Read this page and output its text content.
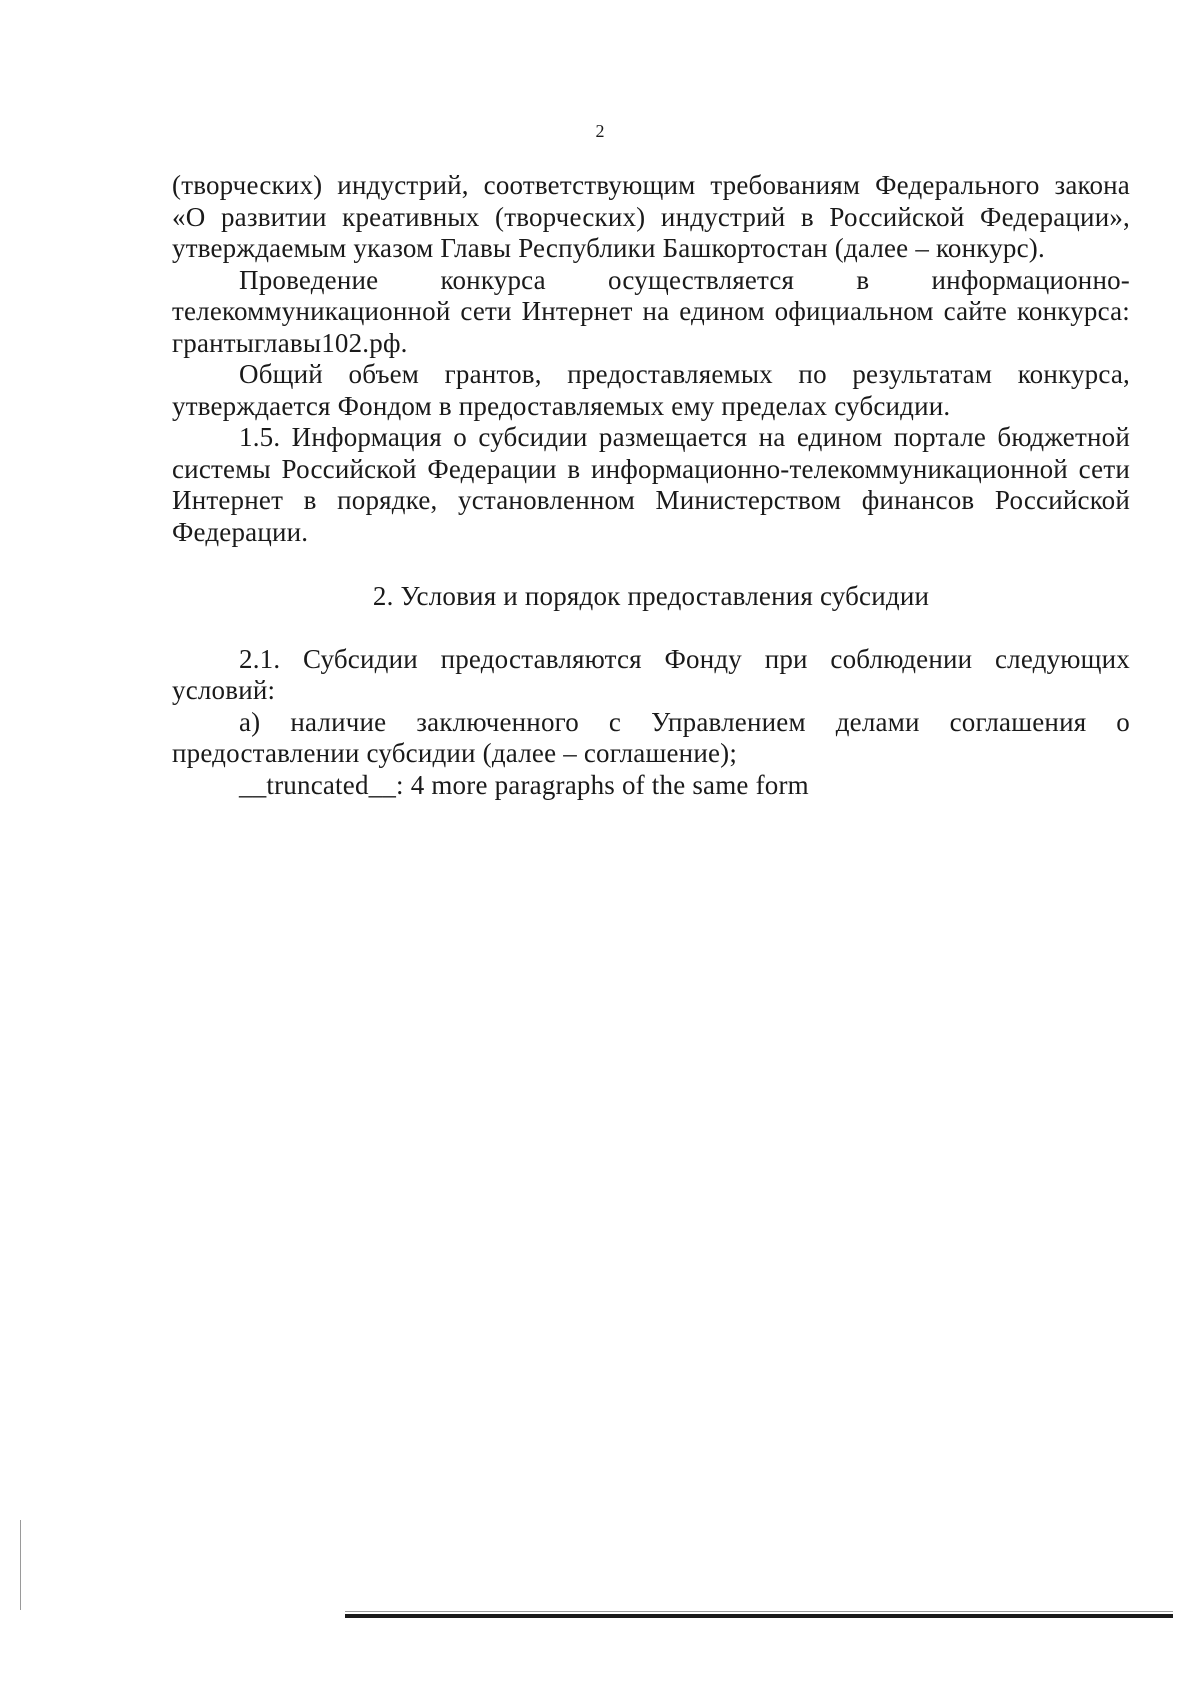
2

(творческих) индустрий, соответствующим требованиям Федерального закона «О развитии креативных (творческих) индустрий в Российской Федерации», утверждаемым указом Главы Республики Башкортостан (далее – конкурс).

Проведение конкурса осуществляется в информационно-телекоммуникационной сети Интернет на едином официальном сайте конкурса: грантыглавы102.рф.

Общий объем грантов, предоставляемых по результатам конкурса, утверждается Фондом в предоставляемых ему пределах субсидии.

1.5. Информация о субсидии размещается на едином портале бюджетной системы Российской Федерации в информационно-телекоммуникационной сети Интернет в порядке, установленном Министерством финансов Российской Федерации.

2. Условия и порядок предоставления субсидии

2.1. Субсидии предоставляются Фонду при соблюдении следующих условий:

а) наличие заключенного с Управлением делами соглашения о предоставлении субсидии (далее – соглашение);

__truncated__: 4 more paragraphs of the same form
